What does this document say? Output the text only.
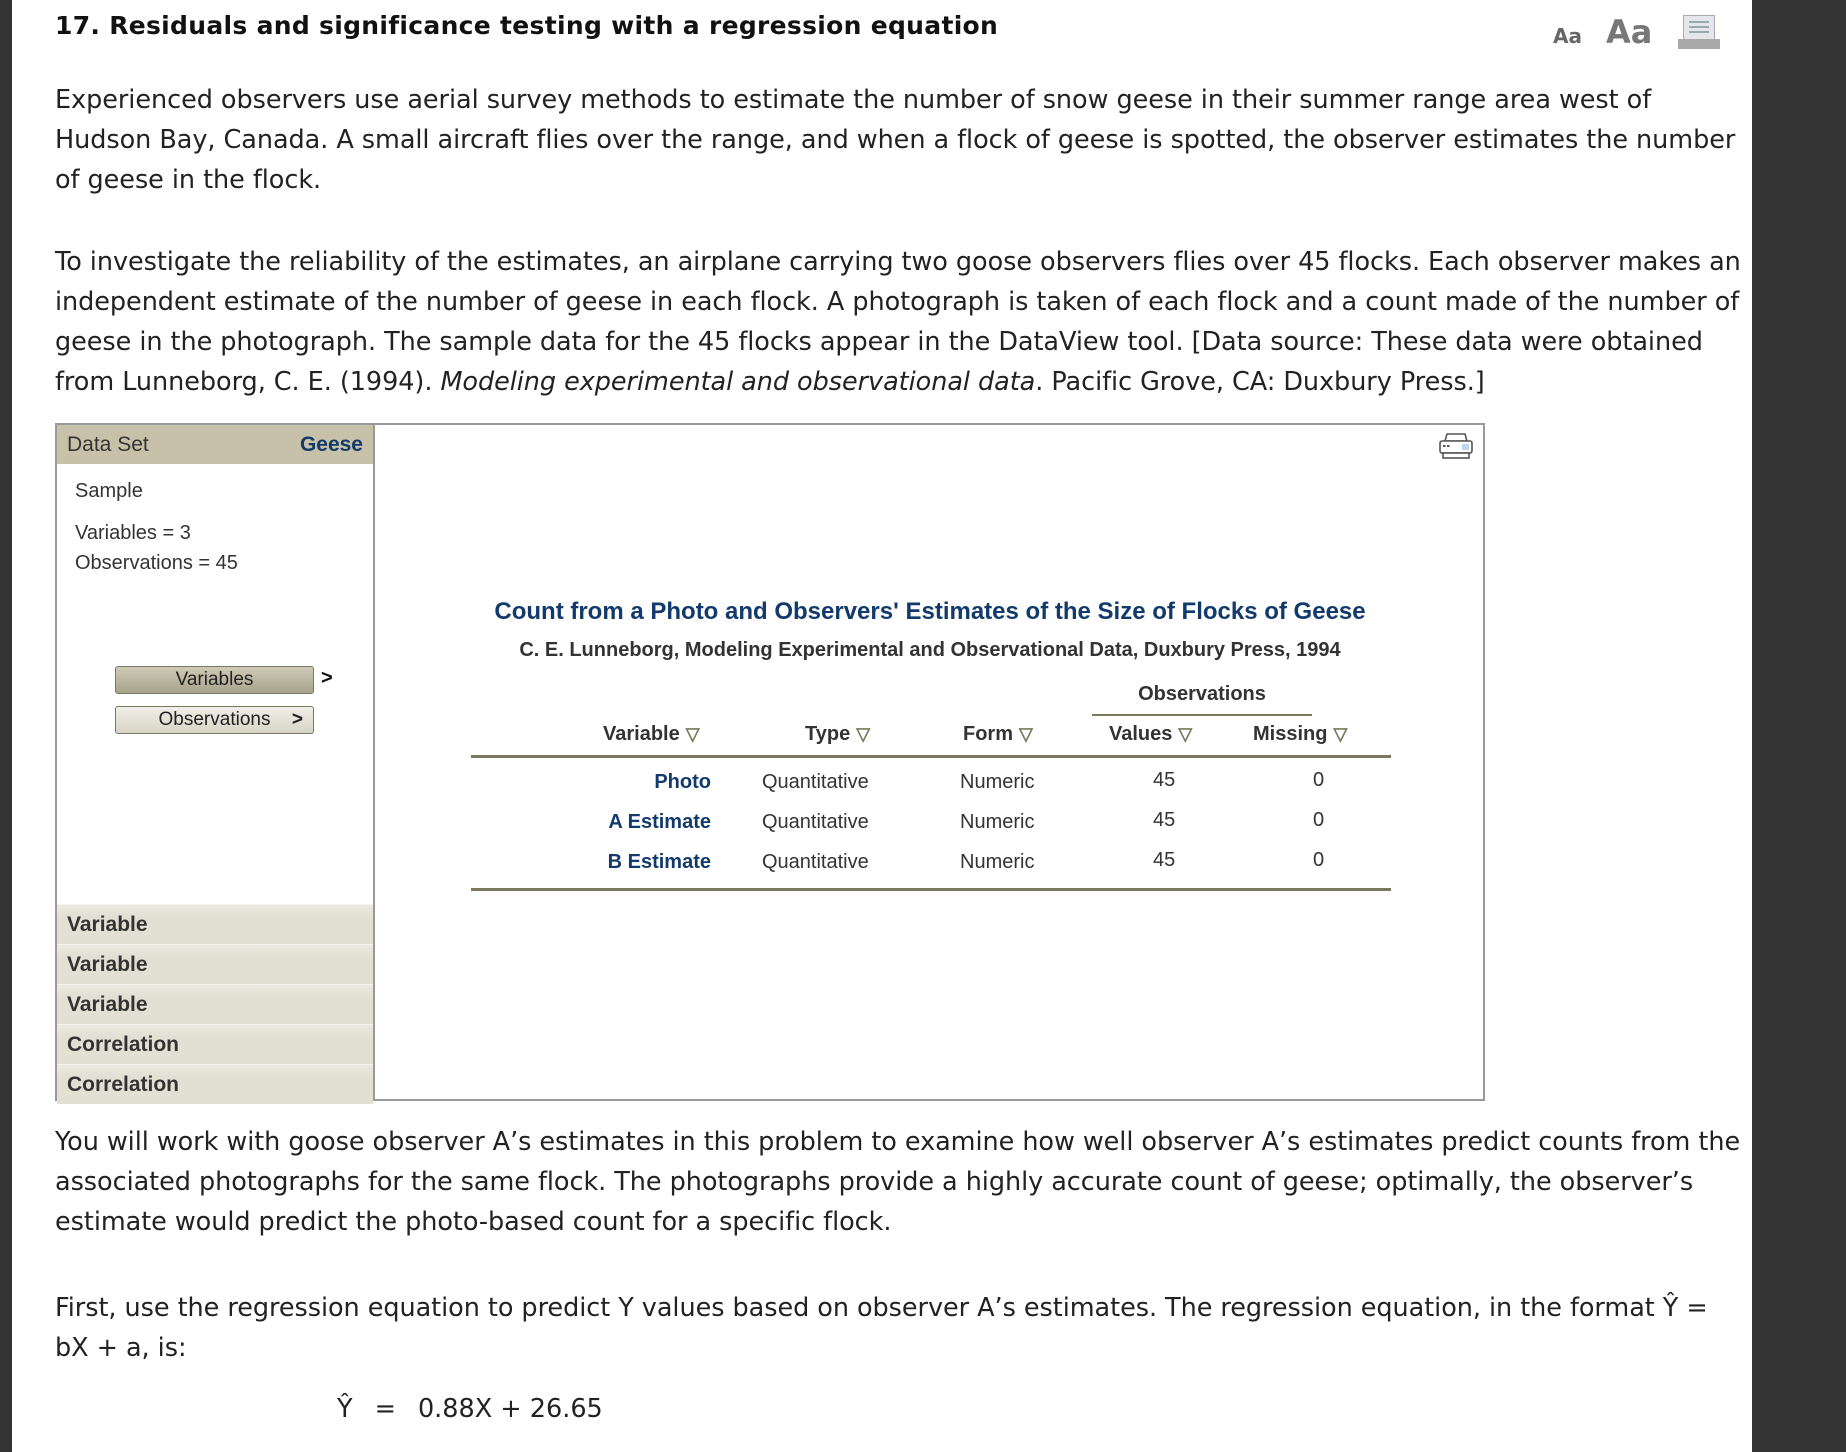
17. Residuals and significance testing with a regression equation	Aa Aa
Experienced observers use aerial survey methods to estimate the number of snow geese in their summer range area west of Hudson Bay, Canada. A small aircraft flies over the range, and when a flock of geese is spotted, the observer estimates the number of geese in the flock.
To investigate the reliability of the estimates, an airplane carrying two goose observers flies over 45 flocks. Each observer makes an independent estimate of the number of geese in each flock. A photograph is taken of each flock and a count made of the number of geese in the photograph. The sample data for the 45 flocks appear in the DataView tool. [Data source: These data were obtained from Lunneborg, C. E. (1994). Modeling experimental and observational data. Pacific Grove, CA: Duxbury Press.]
Data Set	Geese
Sample
Variables = 3
Observations = 45
Variables	>
Observations >
Variable
Variable
Variable
Correlation
Correlation
Count from a Photo and Observers' Estimates of the Size of Flocks of Geese
C. E. Lunneborg, Modeling Experimental and Observational Data, Duxbury Press, 1994
Observations
Variable ▽	Type ▽	Form ▽	Values ▽	Missing ▽
Photo	Quantitative	Numeric	45	0
A Estimate	Quantitative	Numeric	45	0
B Estimate	Quantitative	Numeric	45	0
You will work with goose observer A’s estimates in this problem to examine how well observer A’s estimates predict counts from the associated photographs for the same flock. The photographs provide a highly accurate count of geese; optimally, the observer’s estimate would predict the photo-based count for a specific flock.
First, use the regression equation to predict Y values based on observer A’s estimates. The regression equation, in the format Ŷ = bX + a, is:
Ŷ = 0.88X + 26.65
